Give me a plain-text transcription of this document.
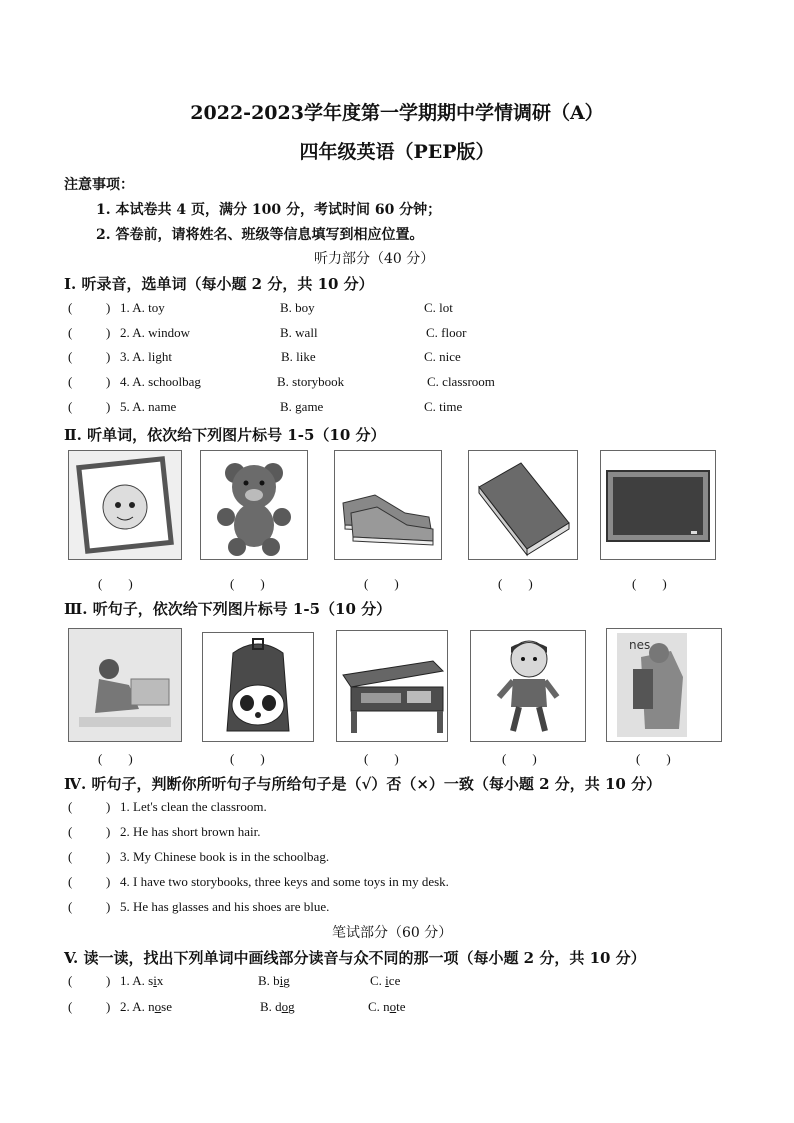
2022-2023学年度第一学期期中学情调研（A）
四年级英语（PEP版）
注意事项：
1. 本试卷共 4 页，满分 100 分，考试时间 60 分钟；
2. 答卷前，请将姓名、班级等信息填写到相应位置。
听力部分（40 分）
I. 听录音，选单词（每小题 2 分，共 10 分）
(	) 1. A. toy	B. boy	C. lot
(	) 2. A. window	B. wall	C. floor
(	) 3. A. light	B. like	C. nice
(	) 4. A. schoolbag	B. storybook	C. classroom
(	) 5. A. name	B. game	C. time
Ⅱ. 听单词，依次给下列图片标号 1-5（10 分）
(　　)	(　　)	(　　)	(　　)	(　　)
Ⅲ. 听句子，依次给下列图片标号 1-5（10 分）
nes
(　　)	(　　)	(　　)	(　　)	(　　)
Ⅳ. 听句子，判断你所听句子与所给句子是（√）否（×）一致（每小题 2 分，共 10 分）
(	) 1. Let's clean the classroom.
(	) 2. He has short brown hair.
(	) 3. My Chinese book is in the schoolbag.
(	) 4. I have two storybooks, three keys and some toys in my desk.
(	) 5. He has glasses and his shoes are blue.
笔试部分（60 分）
V. 读一读，找出下列单词中画线部分读音与众不同的那一项（每小题 2 分，共 10 分）
(	) 1. A. six	B. big	C. ice
(	) 2. A. nose	B. dog	C. note
